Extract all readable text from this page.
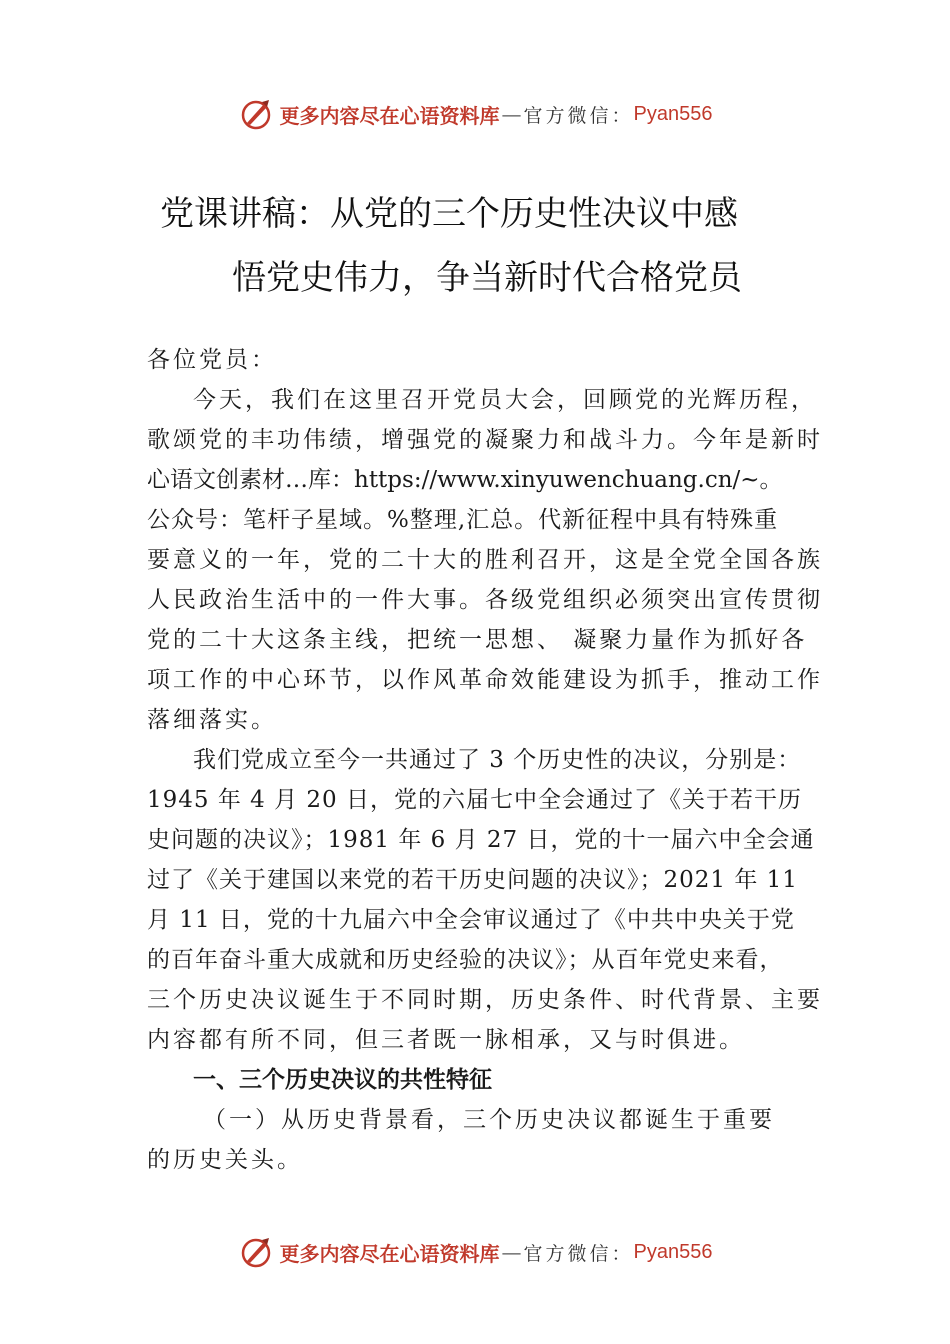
更多内容尽在心语资料库 — 官方微信： Pyan556
党课讲稿：从党的三个历史性决议中感
悟党史伟力，争当新时代合格党员

各位党员：

今天，我们在这里召开党员大会，回顾党的光辉历程，

歌颂党的丰功伟绩，增强党的凝聚力和战斗力。今年是新时

心语文创素材…库：https://www.xinyuwenchuang.cn/~。

公众号：笔杆子星域。%整理,汇总。代新征程中具有特殊重

要意义的一年，党的二十大的胜利召开，这是全党全国各族

人民政治生活中的一件大事。各级党组织必须突出宣传贯彻

党的二十大这条主线，把统一思想、 凝聚力量作为抓好各

项工作的中心环节，以作风革命效能建设为抓手，推动工作

落细落实。

我们党成立至今一共通过了 3 个历史性的决议，分别是：

1945 年 4 月 20 日，党的六届七中全会通过了《关于若干历

史问题的决议》；1981 年 6 月 27 日，党的十一届六中全会通

过了《关于建国以来党的若干历史问题的决议》；2021 年 11

月 11 日，党的十九届六中全会审议通过了《中共中央关于党

的百年奋斗重大成就和历史经验的决议》；从百年党史来看，

三个历史决议诞生于不同时期，历史条件、时代背景、主要

内容都有所不同，但三者既一脉相承，又与时俱进。

一、三个历史决议的共性特征

（一）从历史背景看，三个历史决议都诞生于重要

的历史关头。

更多内容尽在心语资料库 — 官方微信： Pyan556
